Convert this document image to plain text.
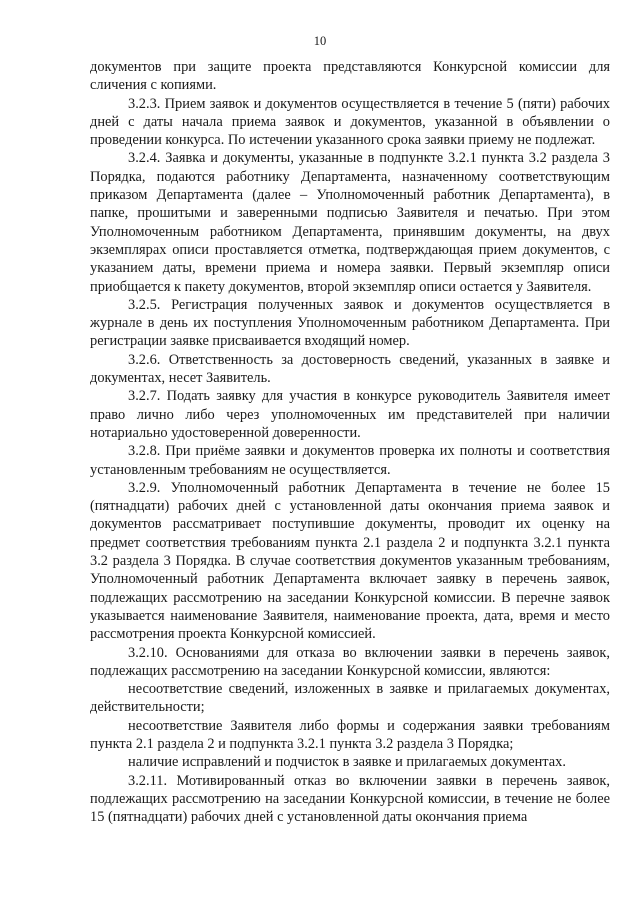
10

документов при защите проекта представляются Конкурсной комиссии для сличения с копиями.

3.2.3. Прием заявок и документов осуществляется в течение 5 (пяти) рабочих дней с даты начала приема заявок и документов, указанной в объявлении о проведении конкурса. По истечении указанного срока заявки приему не подлежат.

3.2.4. Заявка и документы, указанные в подпункте 3.2.1 пункта 3.2 раздела 3 Порядка, подаются работнику Департамента, назначенному соответствующим приказом Департамента (далее – Уполномоченный работник Департамента), в папке, прошитыми и заверенными подписью Заявителя и печатью. При этом Уполномоченным работником Департамента, принявшим документы, на двух экземплярах описи проставляется отметка, подтверждающая прием документов, с указанием даты, времени приема и номера заявки. Первый экземпляр описи приобщается к пакету документов, второй экземпляр описи остается у Заявителя.

3.2.5. Регистрация полученных заявок и документов осуществляется в журнале в день их поступления Уполномоченным работником Департамента. При регистрации заявке присваивается входящий номер.

3.2.6. Ответственность за достоверность сведений, указанных в заявке и документах, несет Заявитель.

3.2.7. Подать заявку для участия в конкурсе руководитель Заявителя имеет право лично либо через уполномоченных им представителей при наличии нотариально удостоверенной доверенности.

3.2.8. При приёме заявки и документов проверка их полноты и соответствия установленным требованиям не осуществляется.

3.2.9. Уполномоченный работник Департамента в течение не более 15 (пятнадцати) рабочих дней с установленной даты окончания приема заявок и документов рассматривает поступившие документы, проводит их оценку на предмет соответствия требованиям пункта 2.1 раздела 2 и подпункта 3.2.1 пункта 3.2 раздела 3 Порядка. В случае соответствия документов указанным требованиям, Уполномоченный работник Департамента включает заявку в перечень заявок, подлежащих рассмотрению на заседании Конкурсной комиссии. В перечне заявок указывается наименование Заявителя, наименование проекта, дата, время и место рассмотрения проекта Конкурсной комиссией.

3.2.10. Основаниями для отказа во включении заявки в перечень заявок, подлежащих рассмотрению на заседании Конкурсной комиссии, являются:

несоответствие сведений, изложенных в заявке и прилагаемых документах, действительности;

несоответствие Заявителя либо формы и содержания заявки требованиям пункта 2.1 раздела 2 и подпункта 3.2.1 пункта 3.2 раздела 3 Порядка;

наличие исправлений и подчисток в заявке и прилагаемых документах.

3.2.11. Мотивированный отказ во включении заявки в перечень заявок, подлежащих рассмотрению на заседании Конкурсной комиссии, в течение не более 15 (пятнадцати) рабочих дней с установленной даты окончания приема
